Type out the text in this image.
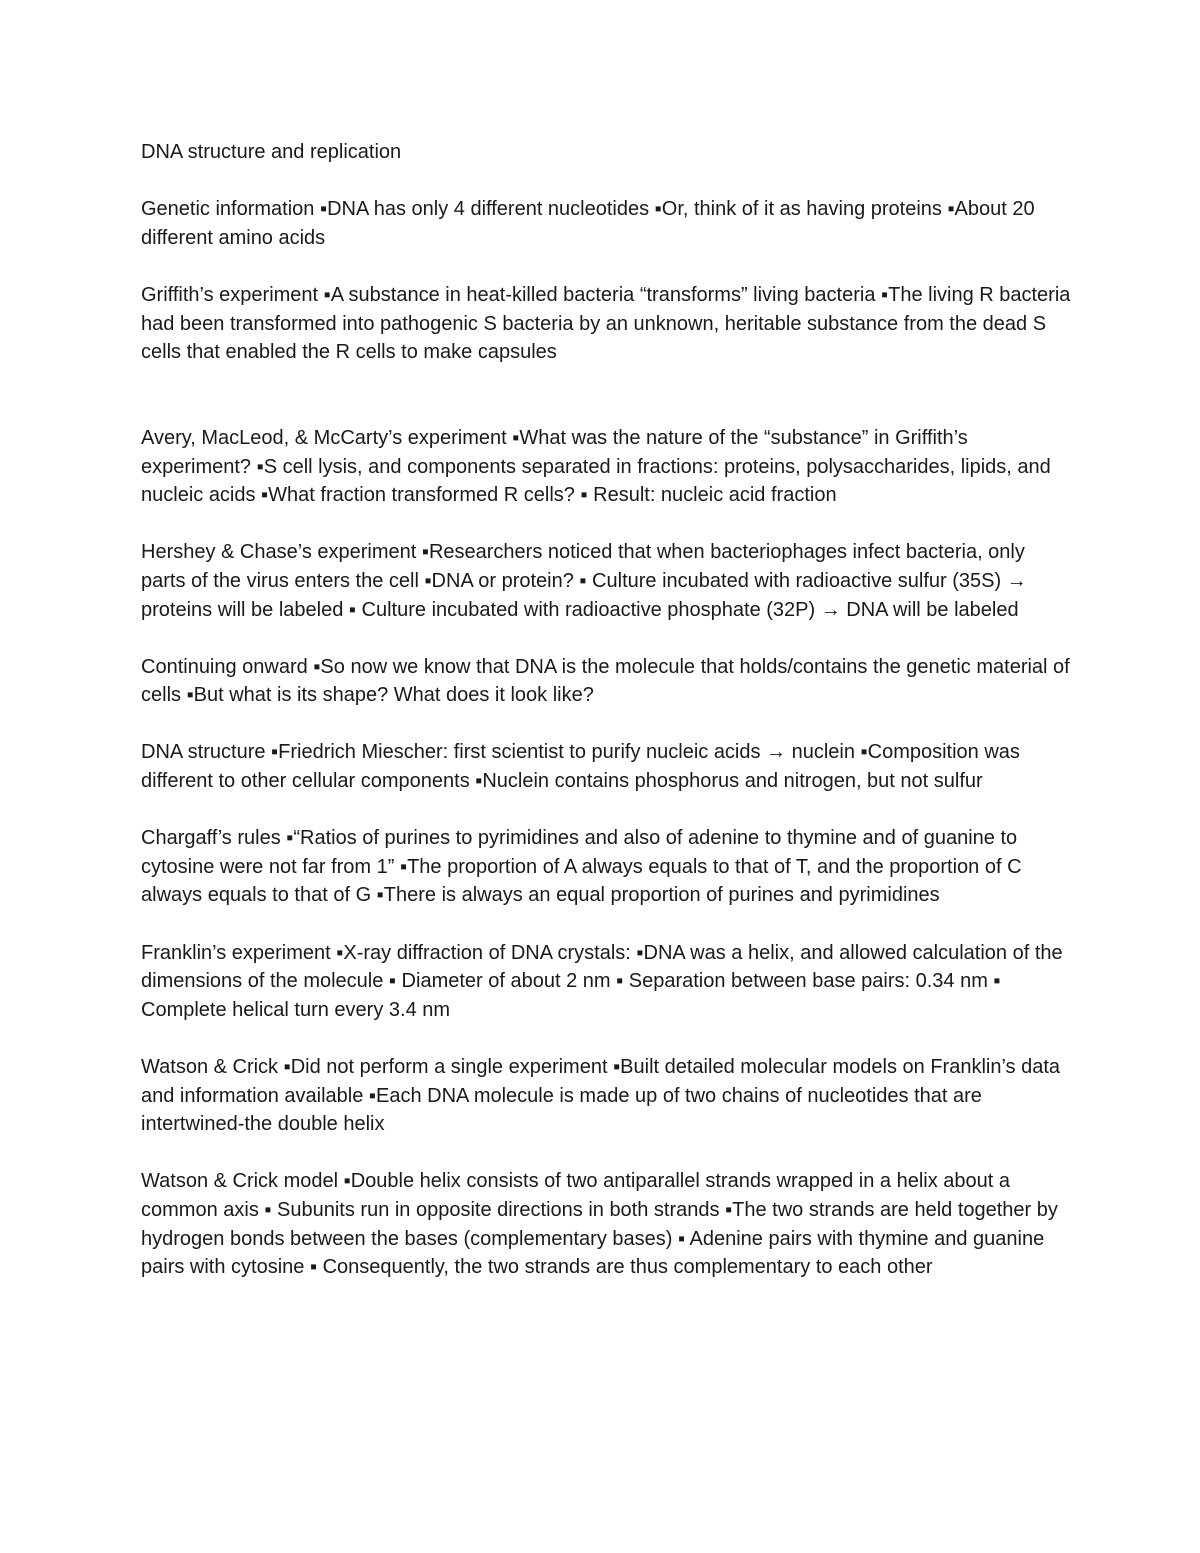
DNA structure and replication

Genetic information ▪DNA has only 4 different nucleotides ▪Or, think of it as having proteins ▪About 20 different amino acids

Griffith’s experiment ▪A substance in heat-killed bacteria “transforms” living bacteria ▪The living R bacteria had been transformed into pathogenic S bacteria by an unknown, heritable substance from the dead S cells that enabled the R cells to make capsules

Avery, MacLeod, & McCarty’s experiment ▪What was the nature of the “substance” in Griffith’s experiment? ▪S cell lysis, and components separated in fractions: proteins, polysaccharides, lipids, and nucleic acids ▪What fraction transformed R cells? ▪ Result: nucleic acid fraction

Hershey & Chase’s experiment ▪Researchers noticed that when bacteriophages infect bacteria, only parts of the virus enters the cell ▪DNA or protein? ▪ Culture incubated with radioactive sulfur (35S) → proteins will be labeled ▪ Culture incubated with radioactive phosphate (32P) → DNA will be labeled

Continuing onward ▪So now we know that DNA is the molecule that holds/contains the genetic material of cells ▪But what is its shape? What does it look like?

DNA structure ▪Friedrich Miescher: first scientist to purify nucleic acids → nuclein ▪Composition was different to other cellular components ▪Nuclein contains phosphorus and nitrogen, but not sulfur

Chargaff’s rules ▪“Ratios of purines to pyrimidines and also of adenine to thymine and of guanine to cytosine were not far from 1” ▪The proportion of A always equals to that of T, and the proportion of C always equals to that of G ▪There is always an equal proportion of purines and pyrimidines

Franklin’s experiment ▪X-ray diffraction of DNA crystals: ▪DNA was a helix, and allowed calculation of the dimensions of the molecule ▪ Diameter of about 2 nm ▪ Separation between base pairs: 0.34 nm ▪ Complete helical turn every 3.4 nm

Watson & Crick ▪Did not perform a single experiment ▪Built detailed molecular models on Franklin’s data and information available ▪Each DNA molecule is made up of two chains of nucleotides that are intertwined-the double helix

Watson & Crick model ▪Double helix consists of two antiparallel strands wrapped in a helix about a common axis ▪ Subunits run in opposite directions in both strands ▪The two strands are held together by hydrogen bonds between the bases (complementary bases) ▪ Adenine pairs with thymine and guanine pairs with cytosine ▪ Consequently, the two strands are thus complementary to each other
